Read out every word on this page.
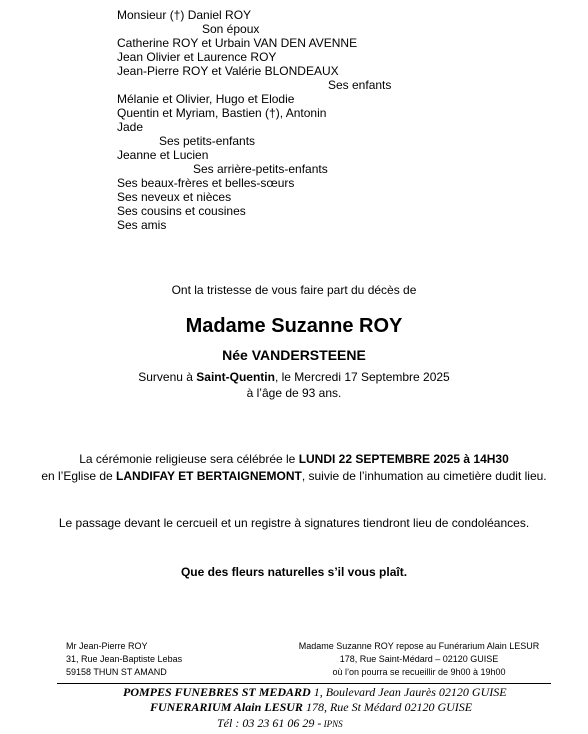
Monsieur (†) Daniel ROY
Son époux
Catherine ROY et Urbain VAN DEN AVENNE
Jean Olivier et Laurence ROY
Jean-Pierre ROY et Valérie BLONDEAUX
Ses enfants
Mélanie et Olivier, Hugo et Elodie
Quentin et Myriam, Bastien (†), Antonin
Jade
Ses petits-enfants
Jeanne et Lucien
Ses arrière-petits-enfants
Ses beaux-frères et belles-sœurs
Ses neveux et nièces
Ses cousins et cousines
Ses amis
Ont la tristesse de vous faire part du décès de
Madame Suzanne ROY
Née VANDERSTEENE
Survenu à Saint-Quentin, le Mercredi 17 Septembre 2025
à l’âge de 93 ans.
La cérémonie religieuse sera célébrée le LUNDI 22 SEPTEMBRE 2025 à 14H30
en l’Eglise de LANDIFAY ET BERTAIGNEMONT, suivie de l’inhumation au cimetière dudit lieu.
Le passage devant le cercueil et un registre à signatures tiendront lieu de condoléances.
Que des fleurs naturelles s’il vous plaît.
Mr Jean-Pierre ROY
31, Rue Jean-Baptiste Lebas
59158 THUN ST AMAND
Madame Suzanne ROY repose au Funérarium Alain LESUR
178, Rue Saint-Médard – 02120 GUISE
où l’on pourra se recueillir de 9h00 à 19h00
POMPES FUNEBRES ST MEDARD 1, Boulevard Jean Jaurès 02120 GUISE
FUNERARIUM Alain LESUR 178, Rue St Médard 02120 GUISE
Tél : 03 23 61 06 29 - IPNS
